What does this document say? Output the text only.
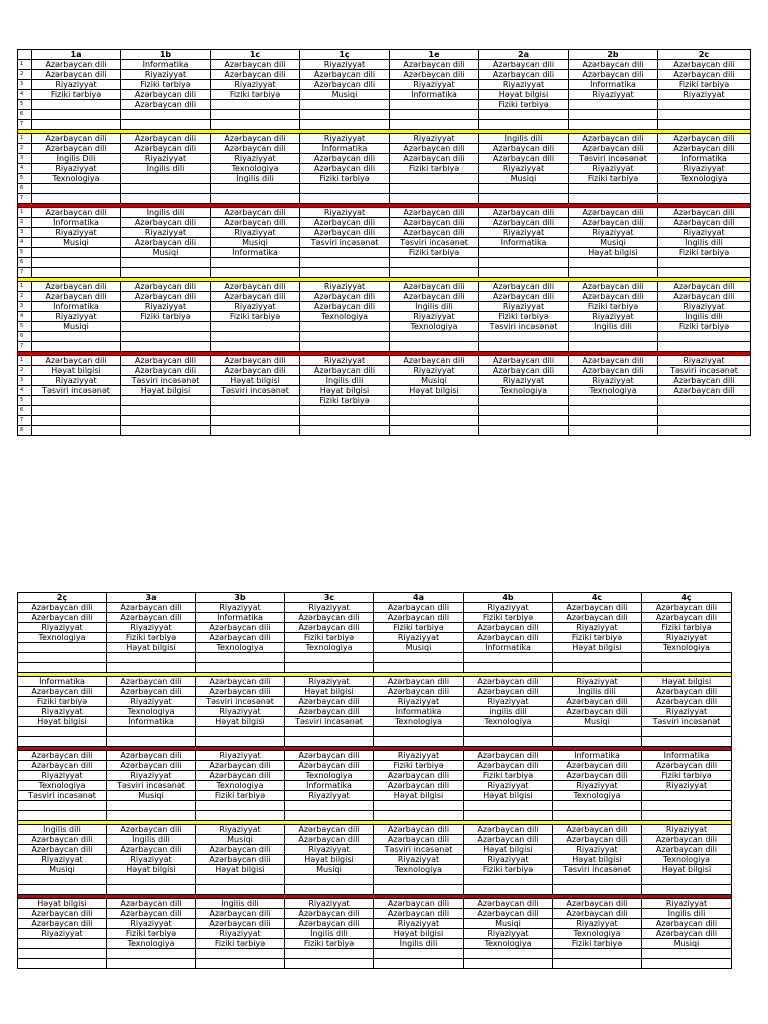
	1a	1b	1c	1ç	1e	2a	2b	2c
1	Azərbaycan dili	İnformatika	Azərbaycan dili	Riyaziyyat	Azərbaycan dili	Azərbaycan dili	Azərbaycan dili	Azərbaycan dili
2	Azərbaycan dili	Riyaziyyat	Azərbaycan dili	Azərbaycan dili	Azərbaycan dili	Azərbaycan dili	Azərbaycan dili	Azərbaycan dili
3	Riyaziyyat	Fiziki tərbiyə	Riyaziyyat	Azərbaycan dili	Riyaziyyat	Riyaziyyat	İnformatika	Fiziki tərbiyə
4	Fiziki tərbiyə	Azərbaycan dili	Fiziki tərbiyə	Musiqi	İnformatika	Həyat bilgisi	Riyaziyyat	Riyaziyyat
5		Azərbaycan dili				Fiziki tərbiyə		
6								
7								

1	Azərbaycan dili	Azərbaycan dili	Azərbaycan dili	Riyaziyyat	Riyaziyyat	İngilis dili	Azərbaycan dili	Azərbaycan dili
2	Azərbaycan dili	Azərbaycan dili	Azərbaycan dili	İnformatika	Azərbaycan dili	Azərbaycan dili	Azərbaycan dili	Azərbaycan dili
3	İngilis Dili	Riyaziyyat	Riyaziyyat	Azərbaycan dili	Azərbaycan dili	Azərbaycan dili	Təsviri incəsənət	İnformatika
4	Riyaziyyat	İngilis dili	Texnologiya	Azərbaycan dili	Fiziki tərbiyə	Riyaziyyat	Riyaziyyat	Riyaziyyat
5	Texnologiya		İngilis dili	Fiziki tərbiyə		Musiqi	Fiziki tərbiyə	Texnologiya
6								
7								

1	Azərbaycan dili	İngilis dili	Azərbaycan dili	Riyaziyyat	Azərbaycan dili	Azərbaycan dili	Azərbaycan dili	Azərbaycan dili
2	İnformatika	Azərbaycan dili	Azərbaycan dili	Azərbaycan dili	Azərbaycan dili	Azərbaycan dili	Azərbaycan dili	Azərbaycan dili
3	Riyaziyyat	Riyaziyyat	Riyaziyyat	Azərbaycan dili	Azərbaycan dili	Riyaziyyat	Riyaziyyat	Riyaziyyat
4	Musiqi	Azərbaycan dili	Musiqi	Təsviri incəsənət	Təsviri incəsənət	İnformatika	Musiqi	İngilis dili
5		Musiqi	İnformatika		Fiziki tərbiyə		Həyat bilgisi	Fiziki tərbiyə
6								
7								

1	Azərbaycan dili	Azərbaycan dili	Azərbaycan dili	Riyaziyyat	Azərbaycan dili	Azərbaycan dili	Azərbaycan dili	Azərbaycan dili
2	Azərbaycan dili	Azərbaycan dili	Azərbaycan dili	Azərbaycan dili	Azərbaycan dili	Azərbaycan dili	Azərbaycan dili	Azərbaycan dili
3	İnformatika	Riyaziyyat	Riyaziyyat	Azərbaycan dili	İngilis dili	Riyaziyyat	Fiziki tərbiyə	Riyaziyyat
4	Riyaziyyat	Fiziki tərbiyə	Fiziki tərbiyə	Texnologiya	Riyaziyyat	Fiziki tərbiyə	Riyaziyyat	İngilis dili
5	Musiqi				Texnologiya	Təsviri incəsənət	İngilis dili	Fiziki tərbiyə
6								
7								

1	Azərbaycan dili	Azərbaycan dili	Azərbaycan dili	Riyaziyyat	Azərbaycan dili	Azərbaycan dili	Azərbaycan dili	Riyaziyyat
2	Həyat bilgisi	Azərbaycan dili	Azərbaycan dili	Azərbaycan dili	Riyaziyyat	Azərbaycan dili	Azərbaycan dili	Təsviri incəsənət
3	Riyaziyyat	Təsviri incəsənət	Həyat bilgisi	İngilis dili	Musiqi	Riyaziyyat	Riyaziyyat	Azərbaycan dili
4	Təsviri incəsənət	Həyat bilgisi	Təsviri incəsənət	Həyat bilgisi	Həyat bilgisi	Texnologiya	Texnologiya	Azərbaycan dili
5				Fiziki tərbiyə				
6								
7								
8								
2ç	3a	3b	3c	4a	4b	4c	4ç
Azərbaycan dili	Azərbaycan dili	Riyaziyyat	Riyaziyyat	Azərbaycan dili	Riyaziyyat	Azərbaycan dili	Azərbaycan dili
Azərbaycan dili	Azərbaycan dili	İnformatika	Azərbaycan dili	Azərbaycan dili	Fiziki tərbiyə	Azərbaycan dili	Azərbaycan dili
Riyaziyyat	Riyaziyyat	Azərbaycan dili	Azərbaycan dili	Fiziki tərbiyə	Azərbaycan dili	Riyaziyyat	Fiziki tərbiyə
Texnologiya	Fiziki tərbiyə	Azərbaycan dili	Fiziki tərbiyə	Riyaziyyat	Azərbaycan dili	Fiziki tərbiyə	Riyaziyyat
	Həyat bilgisi	Texnologiya	Texnologiya	Musiqi	İnformatika	Həyat bilgisi	Texnologiya

İnformatika	Azərbaycan dili	Azərbaycan dili	Riyaziyyat	Azərbaycan dili	Azərbaycan dili	Riyaziyyat	Həyat bilgisi
Azərbaycan dili	Azərbaycan dili	Azərbaycan dili	Həyat bilgisi	Azərbaycan dili	Azərbaycan dili	İngilis dili	Azərbaycan dili
Fiziki tərbiyə	Riyaziyyat	Təsviri incəsənət	Azərbaycan dili	Riyaziyyat	Riyaziyyat	Azərbaycan dili	Azərbaycan dili
Riyaziyyat	Texnologiya	Riyaziyyat	Azərbaycan dili	İnformatika	ingilis dili	Azərbaycan dili	Riyaziyyat
Həyat bilgisi	İnformatika	Həyat bilgisi	Təsviri incəsənət	Texnologiya	Texnologiya	Musiqi	Təsviri incəsənət

Azərbaycan dili	Azərbaycan dili	Riyaziyyat	Azərbaycan dili	Riyaziyyat	Azərbaycan dili	İnformatika	İnformatika
Azərbaycan dili	Azərbaycan dili	Azərbaycan dili	Azərbaycan dili	Fiziki tərbiyə	Azərbaycan dili	Azərbaycan dili	Azərbaycan dili
Riyaziyyat	Riyaziyyat	Azərbaycan dili	Texnologiya	Azərbaycan dili	Fiziki tərbiyə	Azərbaycan dili	Fiziki tərbiyə
Texnologiya	Təsviri incəsənət	Texnologiya	İnformatika	Azərbaycan dili	Riyaziyyat	Riyaziyyat	Riyaziyyat
Təsviri incəsənət	Musiqi	Fiziki tərbiyə	Riyaziyyat	Həyat bilgisi	Həyat bilgisi	Texnologiya	

İngilis dili	Azərbaycan dili	Riyaziyyat	Azərbaycan dili	Azərbaycan dili	Azərbaycan dili	Azərbaycan dili	Riyaziyyat
Azərbaycan dili	İngilis dili	Musiqi	Azərbaycan dili	Azərbaycan dili	Azərbaycan dili	Azərbaycan dili	Azərbaycan dili
Azərbaycan dili	Azərbaycan dili	Azərbaycan dili	Riyaziyyat	Təsviri incəsənət	Həyat bilgisi	Riyaziyyat	Azərbaycan dili
Riyaziyyat	Riyaziyyat	Azərbaycan dili	Həyat bilgisi	Riyaziyyat	Riyaziyyat	Həyat bilgisi	Texnologiya
Musiqi	Həyat bilgisi	Həyat bilgisi	Musiqi	Texnologiya	Fiziki tərbiyə	Təsviri incəsənət	Həyat bilgisi

Həyat bilgisi	Azərbaycan dili	İngilis dili	Riyaziyyat	Azərbaycan dili	Azərbaycan dili	Azərbaycan dili	Riyaziyyat
Azərbaycan dili	Azərbaycan dili	Azərbaycan dili	Azərbaycan dili	Azərbaycan dili	Azərbaycan dili	Azərbaycan dili	İngilis dili
Azərbaycan dili	Riyaziyyat	Azərbaycan dili	Azərbaycan dili	Riyaziyyat	Musiqi	Riyaziyyat	Azərbaycan dili
Riyaziyyat	Fiziki tərbiyə	Riyaziyyat	İngilis dili	Həyat bilgisi	Riyaziyyat	Texnologiya	Azərbaycan dili
	Texnologiya	Fiziki tərbiyə	Fiziki tərbiyə	İngilis dili	Texnologiya	Fiziki tərbiyə	Musiqi
